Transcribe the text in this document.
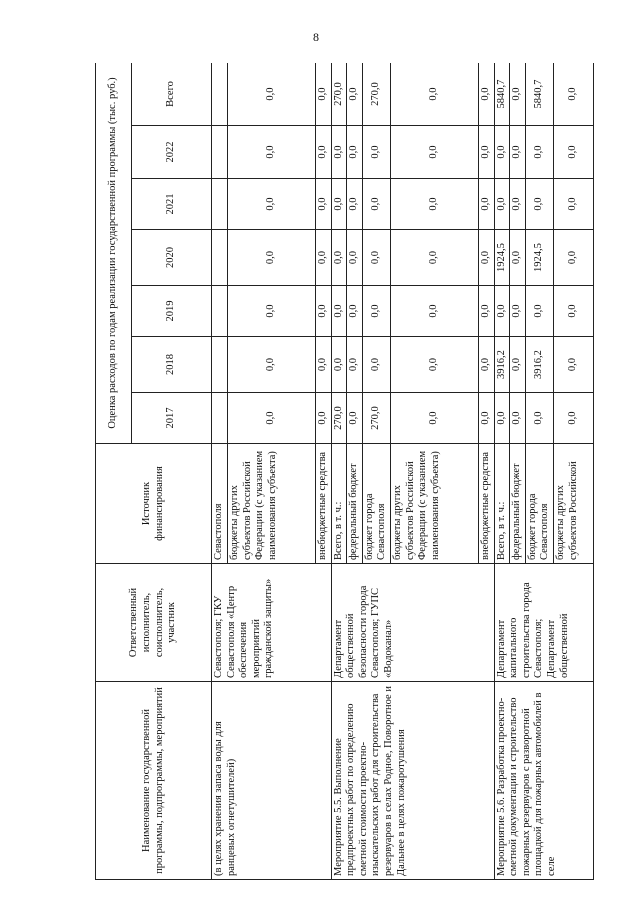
8
Наименование государственной программы, подпрограммы, мероприятий	Ответственный исполнитель, соисполнитель, участник	Источник финансирования	Оценка расходов по годам реализации государственной программы (тыс. руб.)						
			2017	2018	2019	2020	2021	2022	Всего
(в целях хранения запаса воды для ранцевых огнетушителей)	Севастополя; ГКУ Севастополя «Центр обеспечения мероприятий гражданской защиты»	Севастополя							
		бюджеты других субъектов Российской Федерации (с указанием наименования субъекта)	0,0	0,0	0,0	0,0	0,0	0,0	0,0
		внебюджетные средства	0,0	0,0	0,0	0,0	0,0	0,0	0,0
Мероприятие 5.5. Выполнение предпроектных работ по определению сметной стоимости проектно-изыскательских работ для строительства резервуаров в селах Родное, Поворотное и Дальнее в целях пожаротушения	Департамент общественной безопасности города Севастополя; ГУПС «Водоканал»	Всего, в т. ч.:	270,0	0,0	0,0	0,0	0,0	0,0	270,0
		федеральный бюджет	0,0	0,0	0,0	0,0	0,0	0,0	0,0
		бюджет города Севастополя	270,0	0,0	0,0	0,0	0,0	0,0	270,0
		бюджеты других субъектов Российской Федерации (с указанием наименования субъекта)	0,0	0,0	0,0	0,0	0,0	0,0	0,0
		внебюджетные средства	0,0	0,0	0,0	0,0	0,0	0,0	0,0
Мероприятие 5.6. Разработка проектно-сметной документации и строительство пожарных резервуаров с разворотной площадкой для пожарных автомобилей в селе	Департамент капитального строительства города Севастополя; Департамент общественной	Всего, в т. ч.:	0,0	3916,2	0,0	1924,5	0,0	0,0	5840,7
		федеральный бюджет	0,0	0,0	0,0	0,0	0,0	0,0	0,0
		бюджет города Севастополя	0,0	3916,2	0,0	1924,5	0,0	0,0	5840,7
		бюджеты других субъектов Российской	0,0	0,0	0,0	0,0	0,0	0,0	0,0
